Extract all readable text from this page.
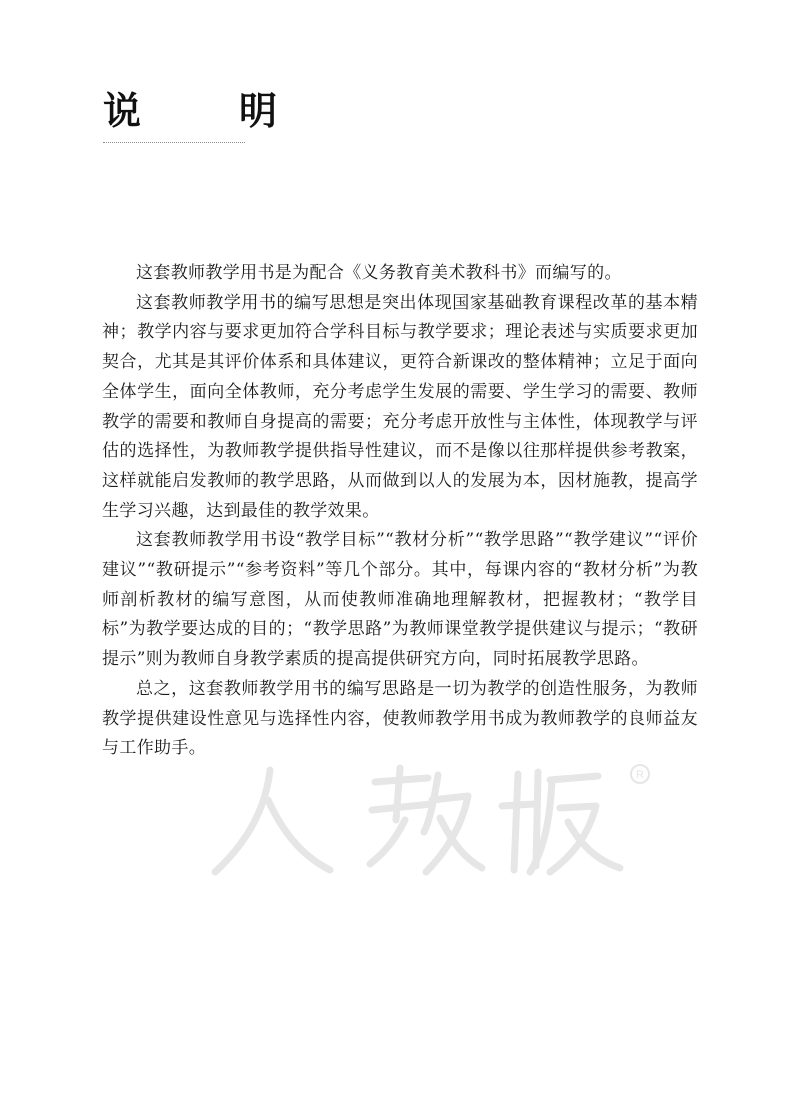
说　明
R

这套教师教学用书是为配合《义务教育美术教科书》而编写的。

这套教师教学用书的编写思想是突出体现国家基础教育课程改革的基本精神；教学内容与要求更加符合学科目标与教学要求；理论表述与实质要求更加契合，尤其是其评价体系和具体建议，更符合新课改的整体精神；立足于面向全体学生，面向全体教师，充分考虑学生发展的需要、学生学习的需要、教师教学的需要和教师自身提高的需要；充分考虑开放性与主体性，体现教学与评估的选择性，为教师教学提供指导性建议，而不是像以往那样提供参考教案，这样就能启发教师的教学思路，从而做到以人的发展为本，因材施教，提高学生学习兴趣，达到最佳的教学效果。

这套教师教学用书设“教学目标”“教材分析”“教学思路”“教学建议”“评价建议”“教研提示”“参考资料”等几个部分。其中，每课内容的“教材分析”为教师剖析教材的编写意图，从而使教师准确地理解教材，把握教材；“教学目标”为教学要达成的目的；“教学思路”为教师课堂教学提供建议与提示；“教研提示”则为教师自身教学素质的提高提供研究方向，同时拓展教学思路。

总之，这套教师教学用书的编写思路是一切为教学的创造性服务，为教师教学提供建设性意见与选择性内容，使教师教学用书成为教师教学的良师益友与工作助手。
